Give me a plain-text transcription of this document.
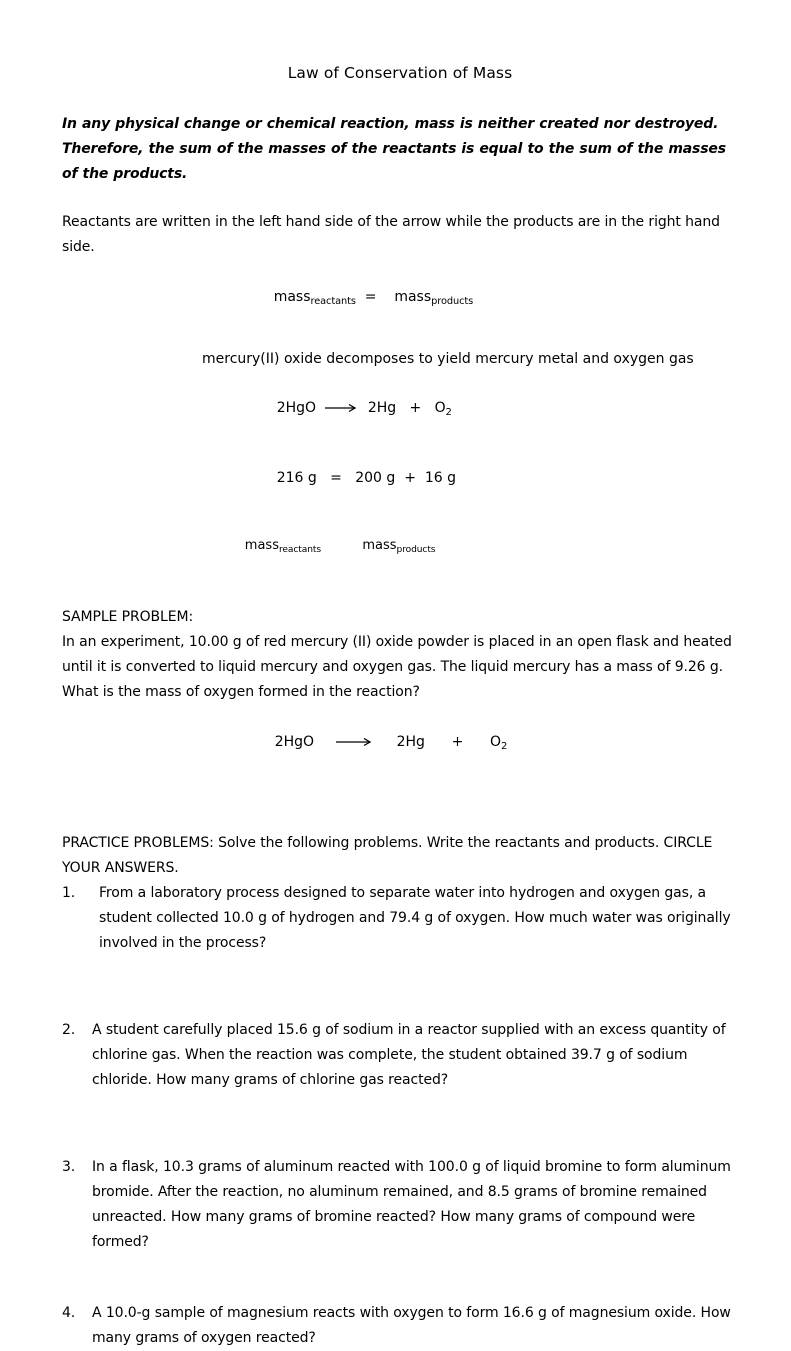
Law of Conservation of Mass
In any physical change or chemical reaction, mass is neither created nor destroyed. Therefore, the sum of the masses of the reactants is equal to the sum of the masses of the products.
Reactants are written in the left hand side of the arrow while the products are in the right hand side.

mass$_{reactants}$ = mass$_{products}$

mercury(II) oxide decomposes to yield mercury metal and oxygen gas

2HgO	$2Hg + O_2$

216 g = 200 g + 16 g

mass$_{reactants}$	mass$_{products}$

SAMPLE PROBLEM:
In an experiment, 10.00 g of red mercury (II) oxide powder is placed in an open flask and heated until it is converted to liquid mercury and oxygen gas. The liquid mercury has a mass of 9.26 g. What is the mass of oxygen formed in the reaction?

2HgO	$2Hg + O_2$

PRACTICE PROBLEMS: Solve the following problems. Write the reactants and products. CIRCLE YOUR ANSWERS.
1.	From a laboratory process designed to separate water into hydrogen and oxygen gas, a student collected 10.0 g of hydrogen and 79.4 g of oxygen. How much water was originally involved in the process?
2.	A student carefully placed 15.6 g of sodium in a reactor supplied with an excess quantity of chlorine gas. When the reaction was complete, the student obtained 39.7 g of sodium chloride. How many grams of chlorine gas reacted?
3.	In a flask, 10.3 grams of aluminum reacted with 100.0 g of liquid bromine to form aluminum bromide. After the reaction, no aluminum remained, and 8.5 grams of bromine remained unreacted. How many grams of bromine reacted? How many grams of compound were formed?
4.	A 10.0-g sample of magnesium reacts with oxygen to form 16.6 g of magnesium oxide. How many grams of oxygen reacted?
